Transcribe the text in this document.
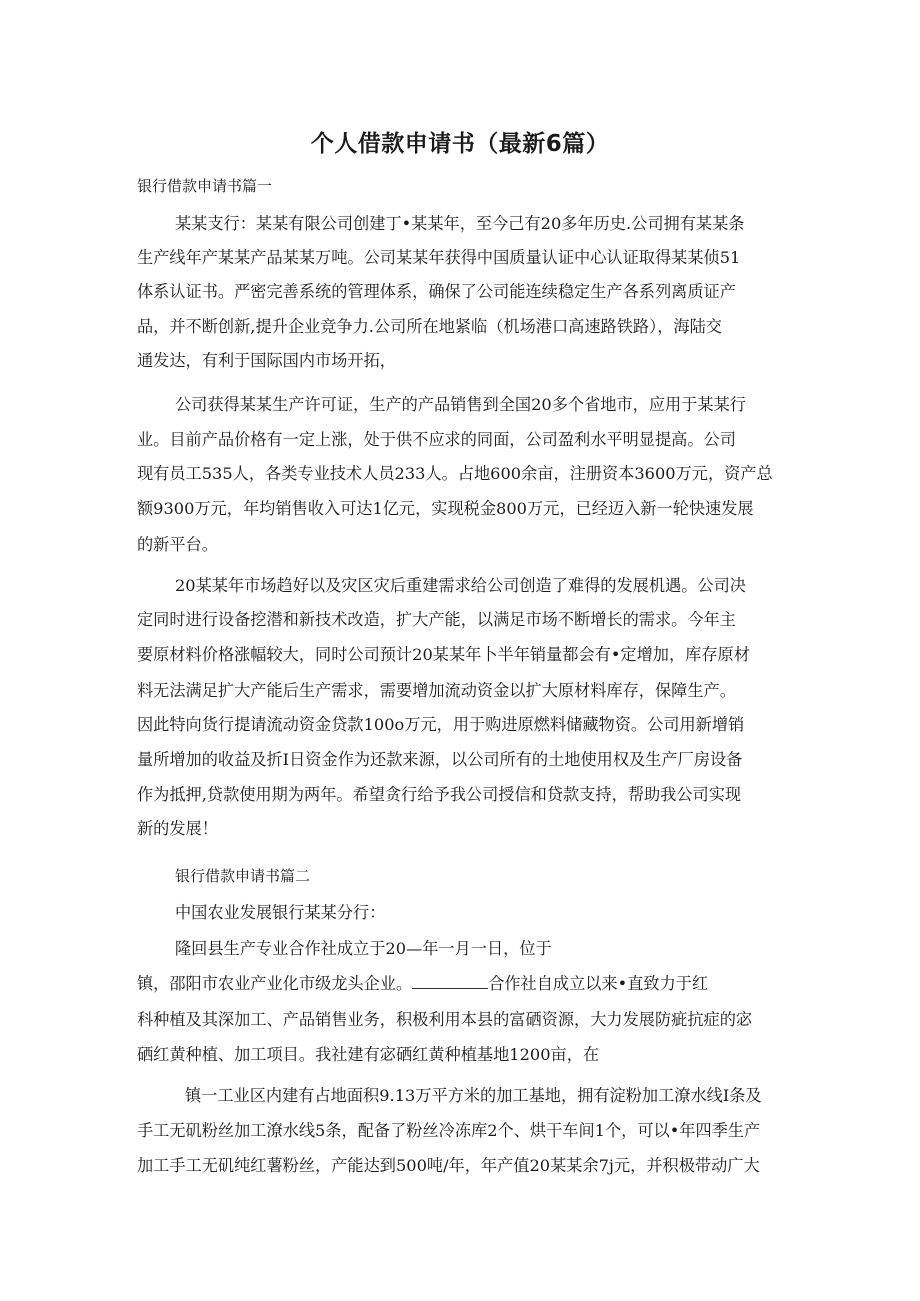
个人借款申请书（最新6篇）

银行借款申请书篇一

某某支行：某某有限公司创建丁•某某年，至今己有20多年历史.公司拥有某某条

生产线年产某某产品某某万吨。公司某某年获得中国质量认证中心认证取得某某侦51

体系认证书。严密完善系统的管理体系，确保了公司能连续稳定生产各系列离质证产

品，并不断创新,提升企业竞争力.公司所在地紧临（机场港口高速路铁路），海陆交

通发达，有利于国际国内市场开拓，

公司获得某某生产许可证，生产的产品销售到全国20多个省地市，应用于某某行

业。目前产品价格有一定上涨，处于供不应求的同面，公司盈利水平明显提高。公司

现有员工535人，各类专业技术人员233人。占地600余亩，注册资本3600万元，资产总

额9300万元，年均销售收入可达1亿元，实现税金800万元，已经迈入新一轮快速发展

的新平台。

20某某年市场趋好以及灾区灾后重建需求给公司创造了难得的发展机遇。公司决

定同时进行设备挖潜和新技术改造，扩大产能，以满足市场不断增长的需求。今年主

要原材料价格涨幅较大，同时公司预计20某某年卜半年销量都会有•定增加，库存原材

料无法满足扩大产能后生产需求，需要增加流动资金以扩大原材料库存，保障生产。

因此特向货行提请流动资金贷款100o万元，用于购进原燃料储藏物资。公司用新增销

量所增加的收益及折I日资金作为还款来源，以公司所有的土地使用权及生产厂房设备

作为抵押,贷款使用期为两年。希望贪行给予我公司授信和贷款支持，帮助我公司实现

新的发展！

银行借款申请书篇二

中国农业发展银行某某分行：

隆回县生产专业合作社成立于20—年一月一日，位于

镇，邵阳市农业产业化市级龙头企业。	合作社自成立以来•直致力于红

科种植及其深加工、产品销售业务，积极利用本县的富硒资源，大力发展防疵抗症的宓

硒红黄种植、加工项目。我社建有宓硒红黄种植基地1200亩，在

镇一工业区内建有占地面积9.13万平方米的加工基地，拥有淀粉加工潦水线I条及

手工无矶粉丝加工潦水线5条，配备了粉丝冷冻库2个、烘干车间1个，可以•年四季生产

加工手工无矶纯红薯粉丝，产能达到500吨/年，年产值20某某余7j元，并积极带动广大
